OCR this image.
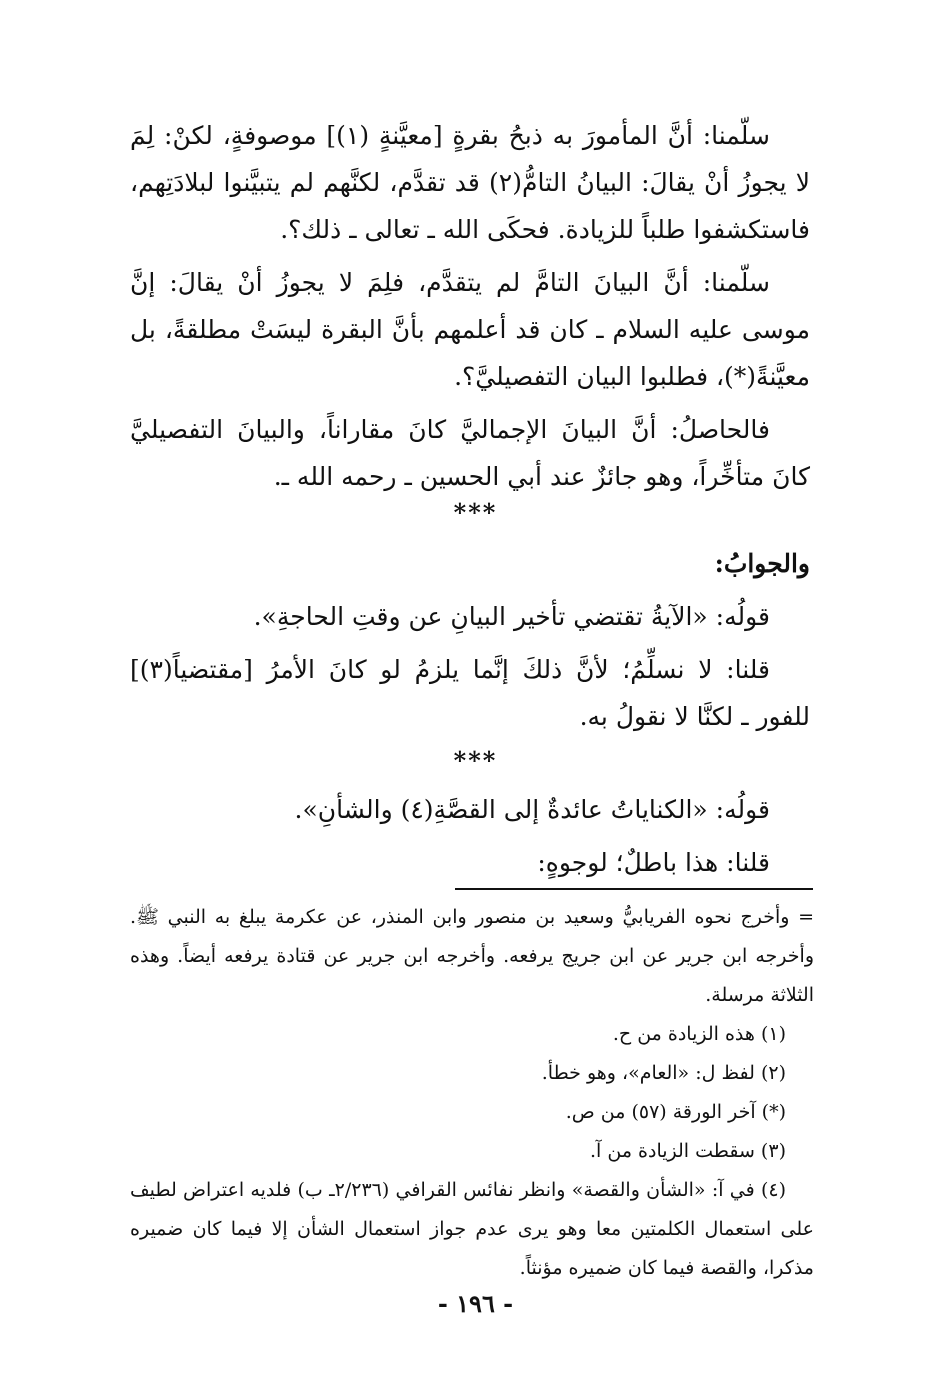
سلّمنا: أنَّ المأمورَ به ذبحُ بقرةٍ [معيَّنةٍ (١)] موصوفةٍ، لكنْ: لِمَ لا يجوزُ أنْ يقالَ: البيانُ التامُّ(٢) قد تقدَّم، لكنَّهم لم يتبيَّنوا لبلادَتِهم، فاستكشفوا طلباً للزيادة. فحكَى الله ـ تعالى ـ ذلك؟.

سلّمنا: أنَّ البيانَ التامَّ لم يتقدَّم، فلِمَ لا يجوزُ أنْ يقالَ: إنَّ موسى عليه السلام ـ كان قد أعلمهم بأنَّ البقرة ليسَتْ مطلقةً، بل معيَّنةً(*)، فطلبوا البيان التفصيليَّ؟.

فالحاصلُ: أنَّ البيانَ الإجماليَّ كانَ مقاراناً، والبيانَ التفصيليَّ كانَ متأخِّراً، وهو جائزٌ عند أبي الحسين ـ رحمه الله ـ.

***

والجوابُ:

قولُه: «الآيةُ تقتضي تأخير البيانِ عن وقتِ الحاجةِ».

قلنا: لا نسلِّمُ؛ لأنَّ ذلكَ إنَّما يلزمُ لو كانَ الأمرُ [مقتضياً(٣)] للفور ـ لكنَّا لا نقولُ به.

***

قولُه: «الكناياتُ عائدةٌ إلى القصَّةِ(٤) والشأنِ».

قلنا: هذا باطلٌ؛ لوجوهٍ:

= وأخرج نحوه الفريابيُّ وسعيد بن منصور وابن المنذر، عن عكرمة يبلغ به النبي ﷺ. وأخرجه ابن جرير عن ابن جريج يرفعه. وأخرجه ابن جرير عن قتادة يرفعه أيضاً. وهذه الثلاثة مرسلة.

(١) هذه الزيادة من ح.

(٢) لفظ ل: «العام»، وهو خطأ.

(*) آخر الورقة (٥٧) من ص.

(٣) سقطت الزيادة من آ.

(٤) في آ: «الشأن والقصة» وانظر نفائس القرافي (٢/٢٣٦ـ ب) فلديه اعتراض لطيف على استعمال الكلمتين معا وهو يرى عدم جواز استعمال الشأن إلا فيما كان ضميره مذكرا، والقصة فيما كان ضميره مؤنثاً.

- ١٩٦ -
